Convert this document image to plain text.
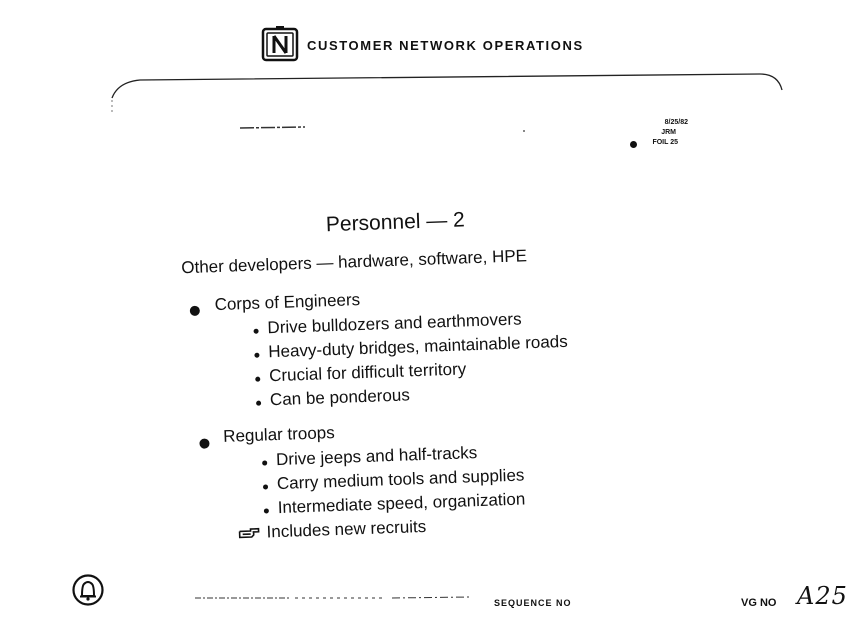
CUSTOMER NETWORK OPERATIONS
8/25/82
JRM
FOIL 25
Personnel — 2
Other developers — hardware, software, HPE
Corps of Engineers
Drive bulldozers and earthmovers
Heavy-duty bridges, maintainable roads
Crucial for difficult territory
Can be ponderous
Regular troops
Drive jeeps and half-tracks
Carry medium tools and supplies
Intermediate speed, organization
Includes new recruits
SEQUENCE NO	VG NO A25
